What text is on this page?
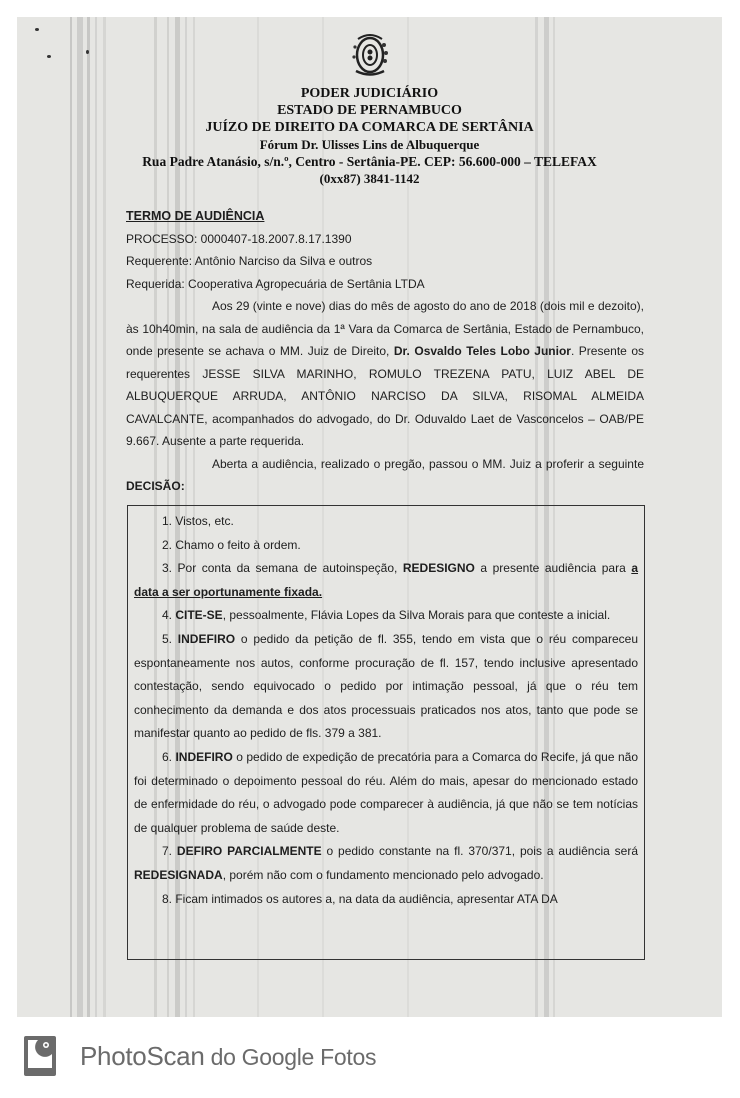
PODER JUDICIÁRIO
ESTADO DE PERNAMBUCO
JUÍZO DE DIREITO DA COMARCA DE SERTÂNIA
Fórum Dr. Ulisses Lins de Albuquerque
Rua Padre Atanásio, s/n.º, Centro - Sertânia-PE. CEP: 56.600-000 – TELEFAX
(0xx87) 3841-1142
TERMO DE AUDIÊNCIA
PROCESSO: 0000407-18.2007.8.17.1390
Requerente: Antônio Narciso da Silva e outros
Requerida: Cooperativa Agropecuária de Sertânia LTDA

Aos 29 (vinte e nove) dias do mês de agosto do ano de 2018 (dois mil e dezoito), às 10h40min, na sala de audiência da 1ª Vara da Comarca de Sertânia, Estado de Pernambuco, onde presente se achava o MM. Juiz de Direito, Dr. Osvaldo Teles Lobo Junior. Presente os requerentes JESSE SILVA MARINHO, ROMULO TREZENA PATU, LUIZ ABEL DE ALBUQUERQUE ARRUDA, ANTÔNIO NARCISO DA SILVA, RISOMAL ALMEIDA CAVALCANTE, acompanhados do advogado, do Dr. Oduvaldo Laet de Vasconcelos – OAB/PE 9.667. Ausente a parte requerida.

Aberta a audiência, realizado o pregão, passou o MM. Juiz a proferir a seguinte DECISÃO:

1. Vistos, etc.

2. Chamo o feito à ordem.

3. Por conta da semana de autoinspeção, REDESIGNO a presente audiência para a data a ser oportunamente fixada.

4. CITE-SE, pessoalmente, Flávia Lopes da Silva Morais para que conteste a inicial.

5. INDEFIRO o pedido da petição de fl. 355, tendo em vista que o réu compareceu espontaneamente nos autos, conforme procuração de fl. 157, tendo inclusive apresentado contestação, sendo equivocado o pedido por intimação pessoal, já que o réu tem conhecimento da demanda e dos atos processuais praticados nos atos, tanto que pode se manifestar quanto ao pedido de fls. 379 a 381.

6. INDEFIRO o pedido de expedição de precatória para a Comarca do Recife, já que não foi determinado o depoimento pessoal do réu. Além do mais, apesar do mencionado estado de enfermidade do réu, o advogado pode comparecer à audiência, já que não se tem notícias de qualquer problema de saúde deste.

7. DEFIRO PARCIALMENTE o pedido constante na fl. 370/371, pois a audiência será REDESIGNADA, porém não com o fundamento mencionado pelo advogado.

8. Ficam intimados os autores a, na data da audiência, apresentar ATA DA

PhotoScan do Google Fotos
